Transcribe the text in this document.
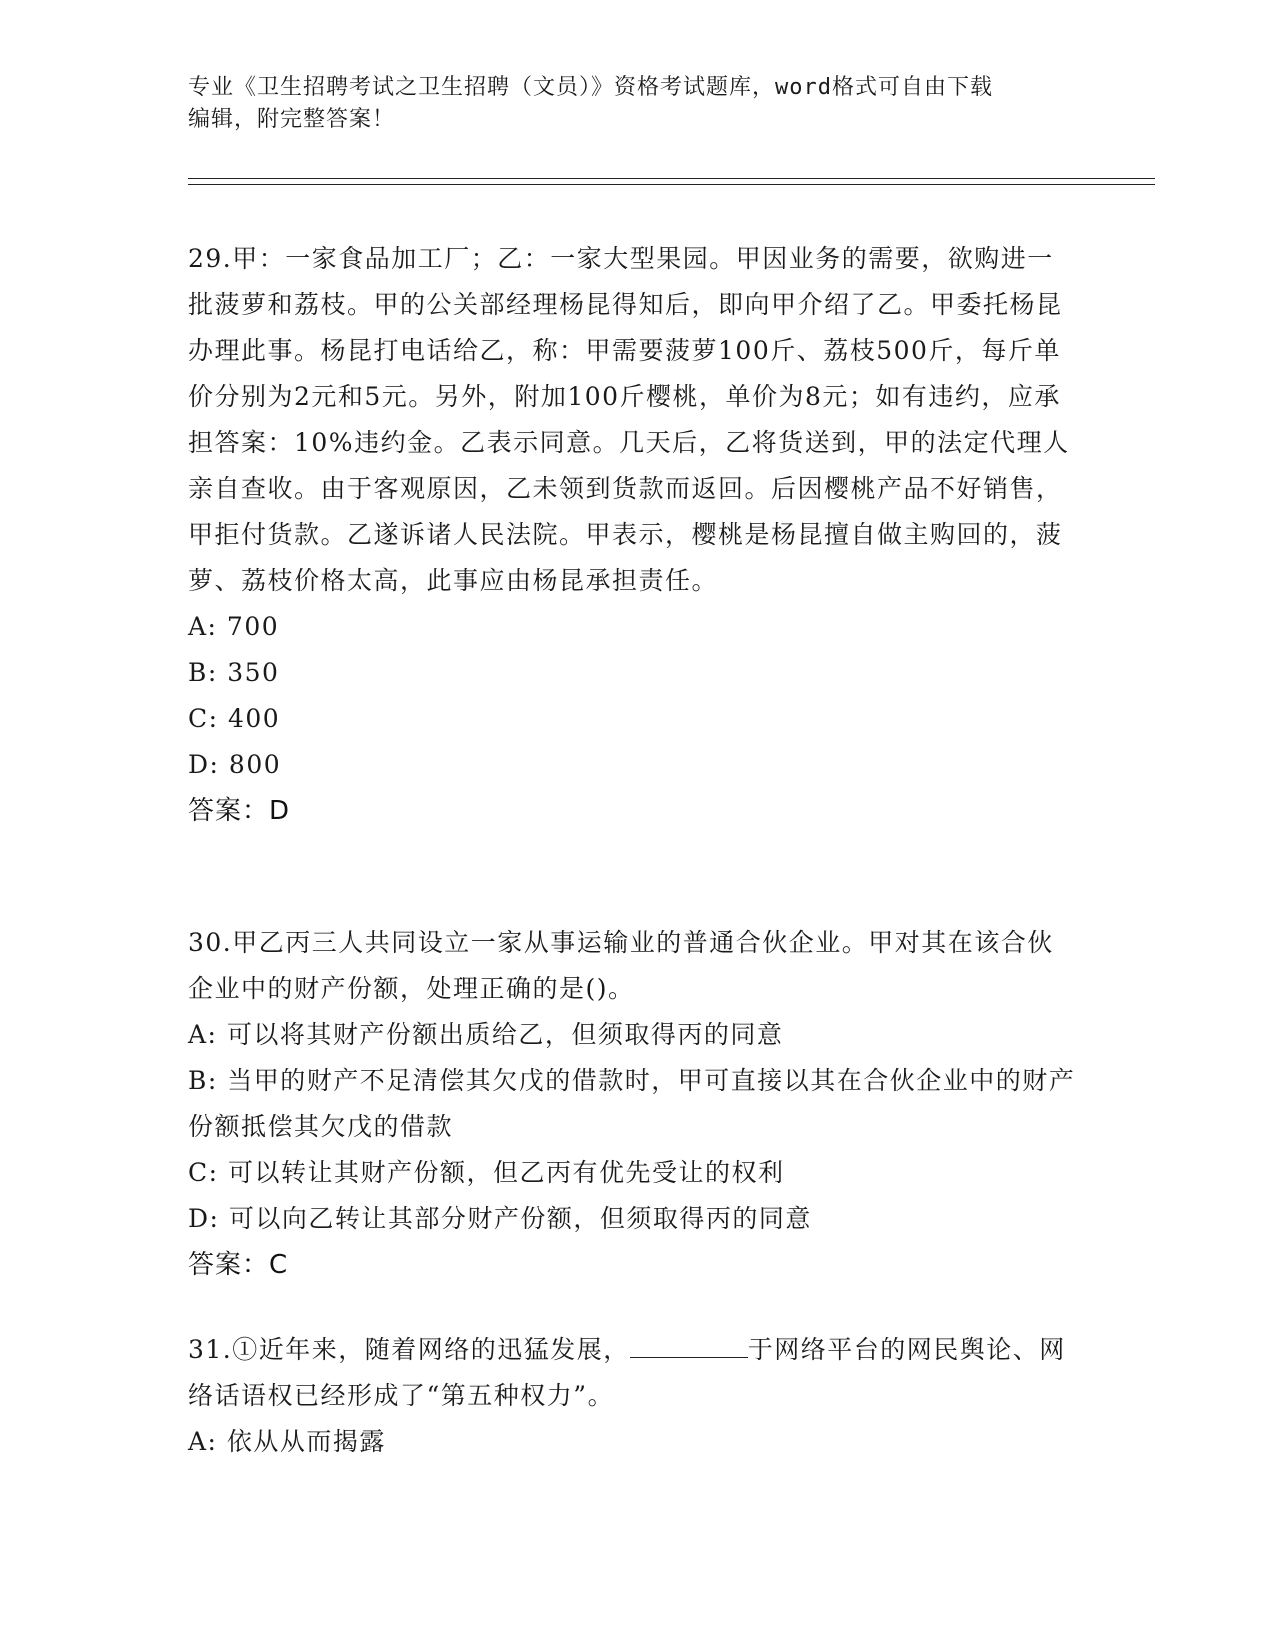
专业《卫生招聘考试之卫生招聘（文员）》资格考试题库，word格式可自由下载
编辑，附完整答案！
29.甲：一家食品加工厂；乙：一家大型果园。甲因业务的需要，欲购进一批菠萝和荔枝。甲的公关部经理杨昆得知后，即向甲介绍了乙。甲委托杨昆办理此事。杨昆打电话给乙，称：甲需要菠萝100斤、荔枝500斤，每斤单价分别为2元和5元。另外，附加100斤樱桃，单价为8元；如有违约，应承担答案：10%违约金。乙表示同意。几天后，乙将货送到，甲的法定代理人亲自查收。由于客观原因，乙未领到货款而返回。后因樱桃产品不好销售，甲拒付货款。乙遂诉诸人民法院。甲表示，樱桃是杨昆擅自做主购回的，菠萝、荔枝价格太高，此事应由杨昆承担责任。
A: 700
B: 350
C: 400
D: 800
答案：D
30.甲乙丙三人共同设立一家从事运输业的普通合伙企业。甲对其在该合伙企业中的财产份额，处理正确的是()。
A: 可以将其财产份额出质给乙，但须取得丙的同意
B: 当甲的财产不足清偿其欠戊的借款时，甲可直接以其在合伙企业中的财产份额抵偿其欠戊的借款
C: 可以转让其财产份额，但乙丙有优先受让的权利
D: 可以向乙转让其部分财产份额，但须取得丙的同意
答案：C
31.①近年来，随着网络的迅猛发展，	于网络平台的网民舆论、网络话语权已经形成了“第五种权力”。
A: 依从从而揭露
